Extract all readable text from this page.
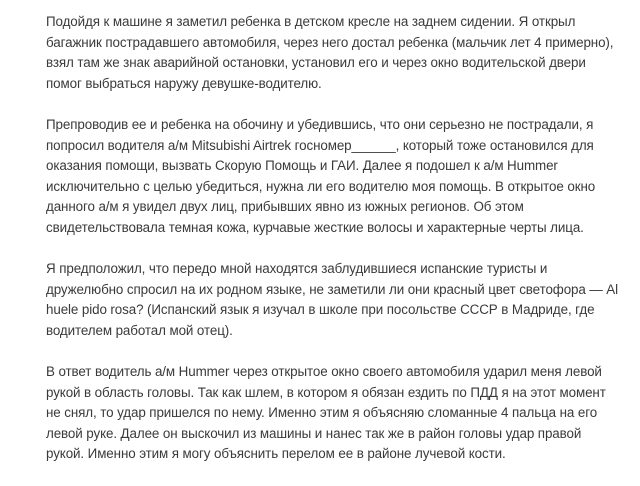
Подойдя к машине я заметил ребенка в детском кресле на заднем сидении. Я открыл
багажник пострадавшего автомобиля, через него достал ребенка (мальчик лет 4 примерно),
взял там же знак аварийной остановки, установил его и через окно водительской двери
помог выбраться наружу девушке-водителю.

Препроводив ее и ребенка на обочину и убедившись, что они серьезно не пострадали, я
попросил водителя а/м Mitsubishi Airtrek госномер______, который тоже остановился для
оказания помощи, вызвать Скорую Помощь и ГАИ. Далее я подошел к а/м Hummer
исключительно с целью убедиться, нужна ли его водителю моя помощь. В открытое окно
данного а/м я увидел двух лиц, прибывших явно из южных регионов. Об этом
свидетельствовала темная кожа, курчавые жесткие волосы и характерные черты лица.

Я предположил, что передо мной находятся заблудившиеся испанские туристы и
дружелюбно спросил на их родном языке, не заметили ли они красный цвет светофора — Al
huele pido rosa? (Испанский язык я изучал в школе при посольстве СССР в Мадриде, где
водителем работал мой отец).

В ответ водитель а/м Hummer через открытое окно своего автомобиля ударил меня левой
рукой в область головы. Так как шлем, в котором я обязан ездить по ПДД я на этот момент
не снял, то удар пришелся по нему. Именно этим я объясняю сломанные 4 пальца на его
левой руке. Далее он выскочил из машины и нанес так же в район головы удар правой
рукой. Именно этим я могу объяснить перелом ее в районе лучевой кости.
